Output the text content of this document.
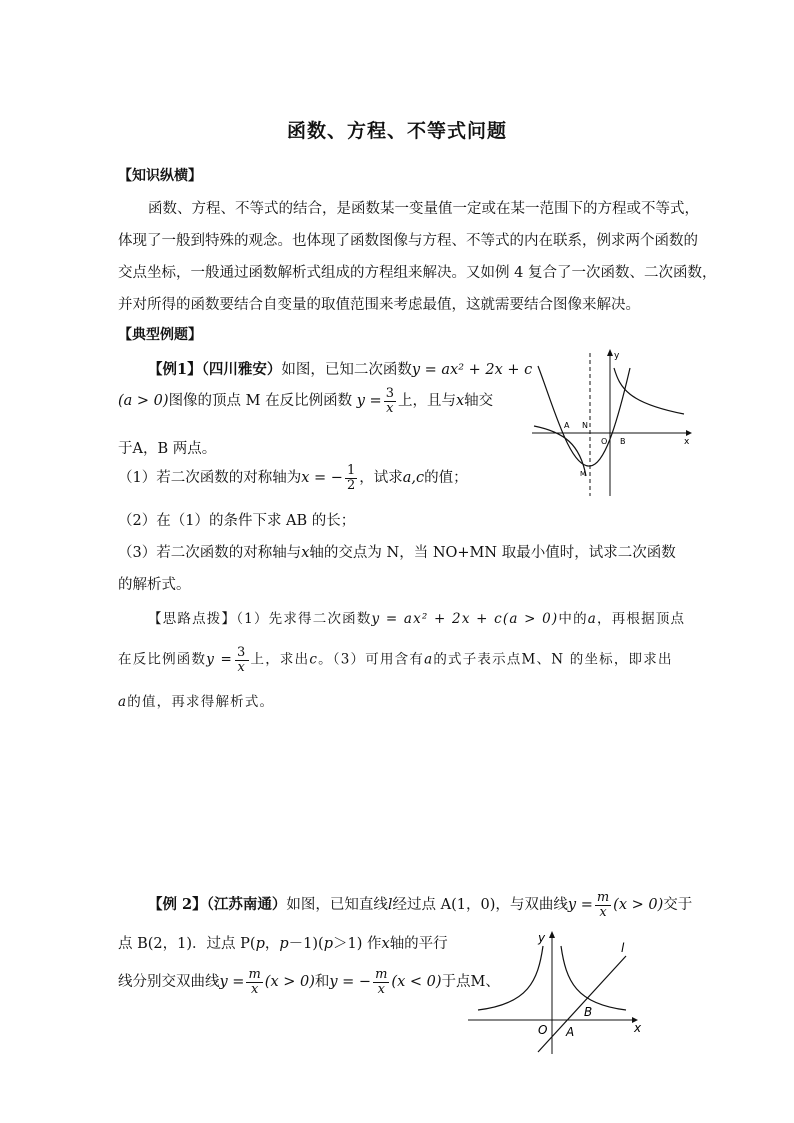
函数、方程、不等式问题
【知识纵横】
函数、方程、不等式的结合，是函数某一变量值一定或在某一范围下的方程或不等式，
体现了一般到特殊的观念。也体现了函数图像与方程、不等式的内在联系，例求两个函数的
交点坐标，一般通过函数解析式组成的方程组来解决。又如例 4 复合了一次函数、二次函数，
并对所得的函数要结合自变量的取值范围来考虑最值，这就需要结合图像来解决。
【典型例题】
【例1】（四川雅安）如图，已知二次函数y = ax² + 2x + c
(a > 0)图像的顶点 M 在反比例函数 $y = \frac{3}{x}$ 上，且与x轴交
于A，B 两点。
（1）若二次函数的对称轴为x = − $\frac{1}{2}$ ，试求a,c的值；
（2）在（1）的条件下求 AB 的长；
（3）若二次函数的对称轴与x轴的交点为 N，当 NO+MN 取最小值时，试求二次函数
的解析式。
y
x
A N
O B
M
【思路点拨】（1）先求得二次函数y = ax² + 2x + c(a > 0)中的a，再根据顶点
在反比例函数$y = \frac{3}{x}$ 上，求出c。（3）可用含有a的式子表示点M、N 的坐标，即求出
a的值，再求得解析式。
【例 2】（江苏南通）如图，已知直线l经过点 A(1，0)，与双曲线$y = \frac{m}{x} (x > 0)$交于
点 B(2，1)．过点 P(p，p－1)(p＞1) 作x轴的平行
线分别交双曲线$y = \frac{m}{x} (x > 0)$和y = − $\frac{m}{x} (x < 0)$于点M、
y
x
l
B
O A
